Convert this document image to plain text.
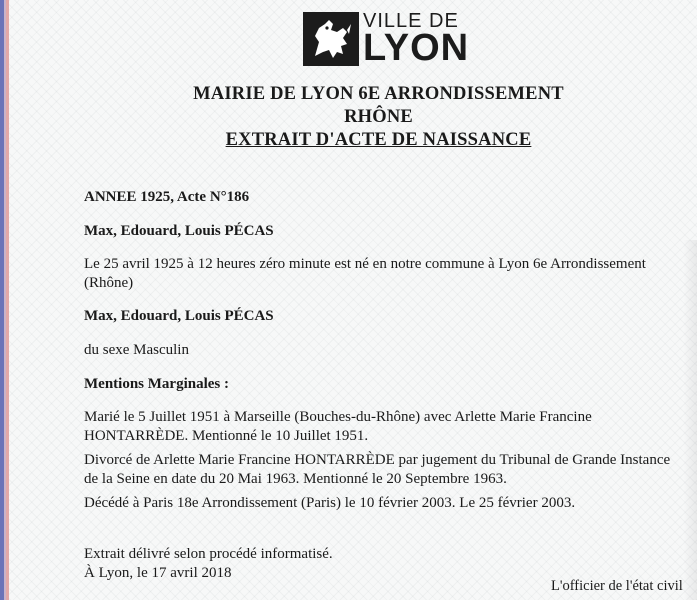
VILLE DE
LYON
MAIRIE DE LYON 6E ARRONDISSEMENT
RHÔNE
EXTRAIT D'ACTE DE NAISSANCE
ANNEE 1925, Acte N°186
Max, Edouard, Louis PÉCAS
Le 25 avril 1925 à 12 heures zéro minute est né en notre commune à Lyon 6e Arrondissement
(Rhône)
Max, Edouard, Louis PÉCAS
du sexe Masculin
Mentions Marginales :
Marié le 5 Juillet 1951 à Marseille (Bouches-du-Rhône) avec Arlette Marie Francine
HONTARRÈDE. Mentionné le 10 Juillet 1951.
Divorcé de Arlette Marie Francine HONTARRÈDE par jugement du Tribunal de Grande Instance
de la Seine en date du 20 Mai 1963. Mentionné le 20 Septembre 1963.
Décédé à Paris 18e Arrondissement (Paris) le 10 février 2003. Le 25 février 2003.
Extrait délivré selon procédé informatisé.
À Lyon, le 17 avril 2018
L'officier de l'état civil
